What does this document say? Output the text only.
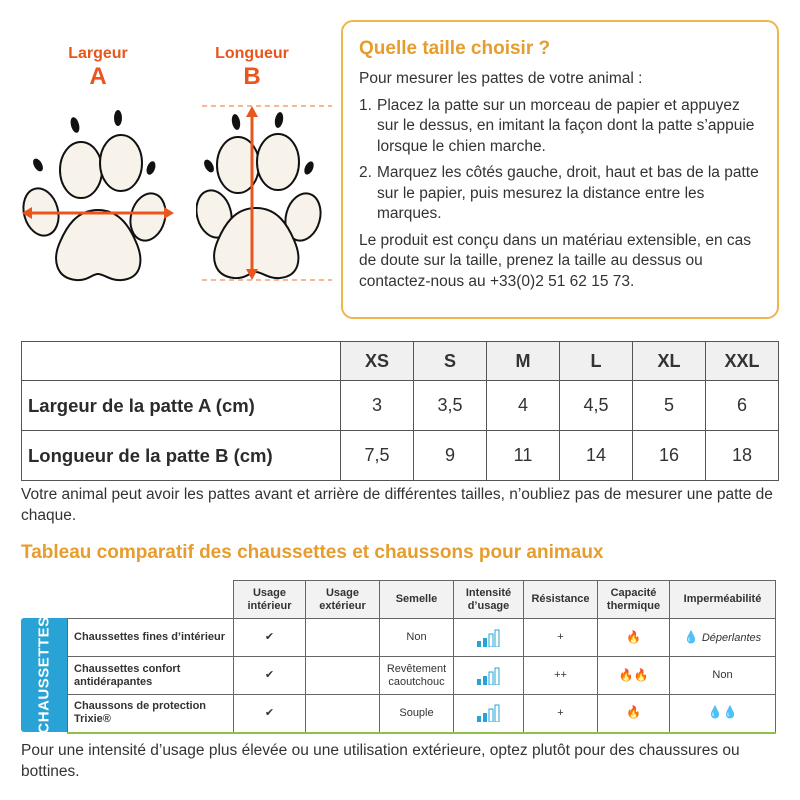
Largeur
A
Longueur
B
Quelle taille choisir ?
Pour mesurer les pattes de votre animal :
1. Placez la patte sur un morceau de papier et appuyez sur le dessus, en imitant la façon dont la patte s’appuie lorsque le chien marche.
2. Marquez les côtés gauche, droit, haut et bas de la patte sur le papier, puis mesurez la distance entre les marques.
Le produit est conçu dans un matériau extensible, en cas de doute sur la taille, prenez la taille au dessus ou contactez-nous au +33(0)2 51 62 15 73.
	XS	S	M	L	XL	XXL
Largeur de la patte A (cm)	3	3,5	4	4,5	5	6
Longueur de la patte B (cm)	7,5	9	11	14	16	18
Votre animal peut avoir les pattes avant et arrière de différentes tailles, n’oubliez pas de mesurer une patte de chaque.
Tableau comparatif des chaussettes et chaussons pour animaux
CHAUSSETTES
	Usage intérieur	Usage extérieur	Semelle	Intensité d’usage	Résistance	Capacité thermique	Imperméabilité
Chaussettes fines d’intérieur	✔		Non		+	🔥	💧 Déperlantes
Chaussettes confort antidérapantes	✔		Revêtement caoutchouc		++	🔥🔥	Non
Chaussons de protection Trixie®	✔		Souple		+	🔥	💧💧
Pour une intensité d’usage plus élevée ou une utilisation extérieure, optez plutôt pour des chaussures ou bottines.
